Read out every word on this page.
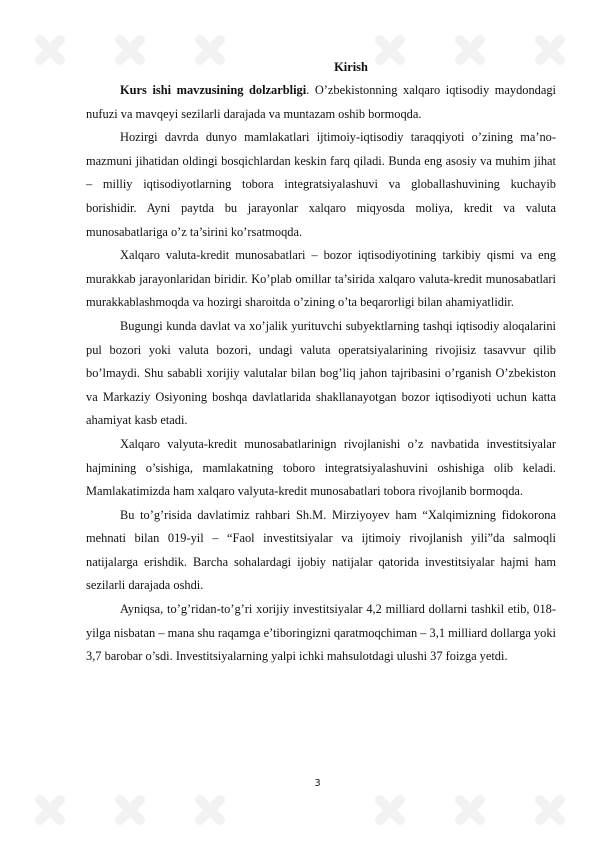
Kirish

Kurs ishi mavzusining dolzarbligi. O’zbekistonning xalqaro iqtisodiy maydondagi nufuzi va mavqeyi sezilarli darajada va muntazam oshib bormoqda.

Hozirgi davrda dunyo mamlakatlari ijtimoiy-iqtisodiy taraqqiyoti o’zining ma’no-mazmuni jihatidan oldingi bosqichlardan keskin farq qiladi. Bunda eng asosiy va muhim jihat – milliy iqtisodiyotlarning tobora integratsiyalashuvi va globallashuvining kuchayib borishidir. Ayni paytda bu jarayonlar xalqaro miqyosda moliya, kredit va valuta munosabatlariga o’z ta’sirini ko’rsatmoqda.

Xalqaro valuta-kredit munosabatlari – bozor iqtisodiyotining tarkibiy qismi va eng murakkab jarayonlaridan biridir. Ko’plab omillar ta’sirida xalqaro valuta-kredit munosabatlari murakkablashmoqda va hozirgi sharoitda o’zining o’ta beqarorligi bilan ahamiyatlidir.

Bugungi kunda davlat va xo’jalik yurituvchi subyektlarning tashqi iqtisodiy aloqalarini pul bozori yoki valuta bozori, undagi valuta operatsiyalarining rivojisiz tasavvur qilib bo’lmaydi. Shu sababli xorijiy valutalar bilan bog’liq jahon tajribasini o’rganish O’zbekiston va Markaziy Osiyoning boshqa davlatlarida shakllanayotgan bozor iqtisodiyoti uchun katta ahamiyat kasb etadi.

Xalqaro valyuta-kredit munosabatlarinign rivojlanishi o’z navbatida investitsiyalar hajmining o’sishiga, mamlakatning toboro integratsiyalashuvini oshishiga olib keladi. Mamlakatimizda ham xalqaro valyuta-kredit munosabatlari tobora rivojlanib bormoqda.

Bu to’g’risida davlatimiz rahbari Sh.M. Mirziyoyev ham “Xalqimizning fidokorona mehnati bilan 019-yil – “Faol investitsiyalar va ijtimoiy rivojlanish yili”da salmoqli natijalarga erishdik. Barcha sohalardagi ijobiy natijalar qatorida investitsiyalar hajmi ham sezilarli darajada oshdi.

Ayniqsa, to’g’ridan-to’g’ri xorijiy investitsiyalar 4,2 milliard dollarni tashkil etib, 018-yilga nisbatan – mana shu raqamga e’tiboringizni qaratmoqchiman – 3,1 milliard dollarga yoki 3,7 barobar o’sdi. Investitsiyalarning yalpi ichki mahsulotdagi ulushi 37 foizga yetdi.

3
